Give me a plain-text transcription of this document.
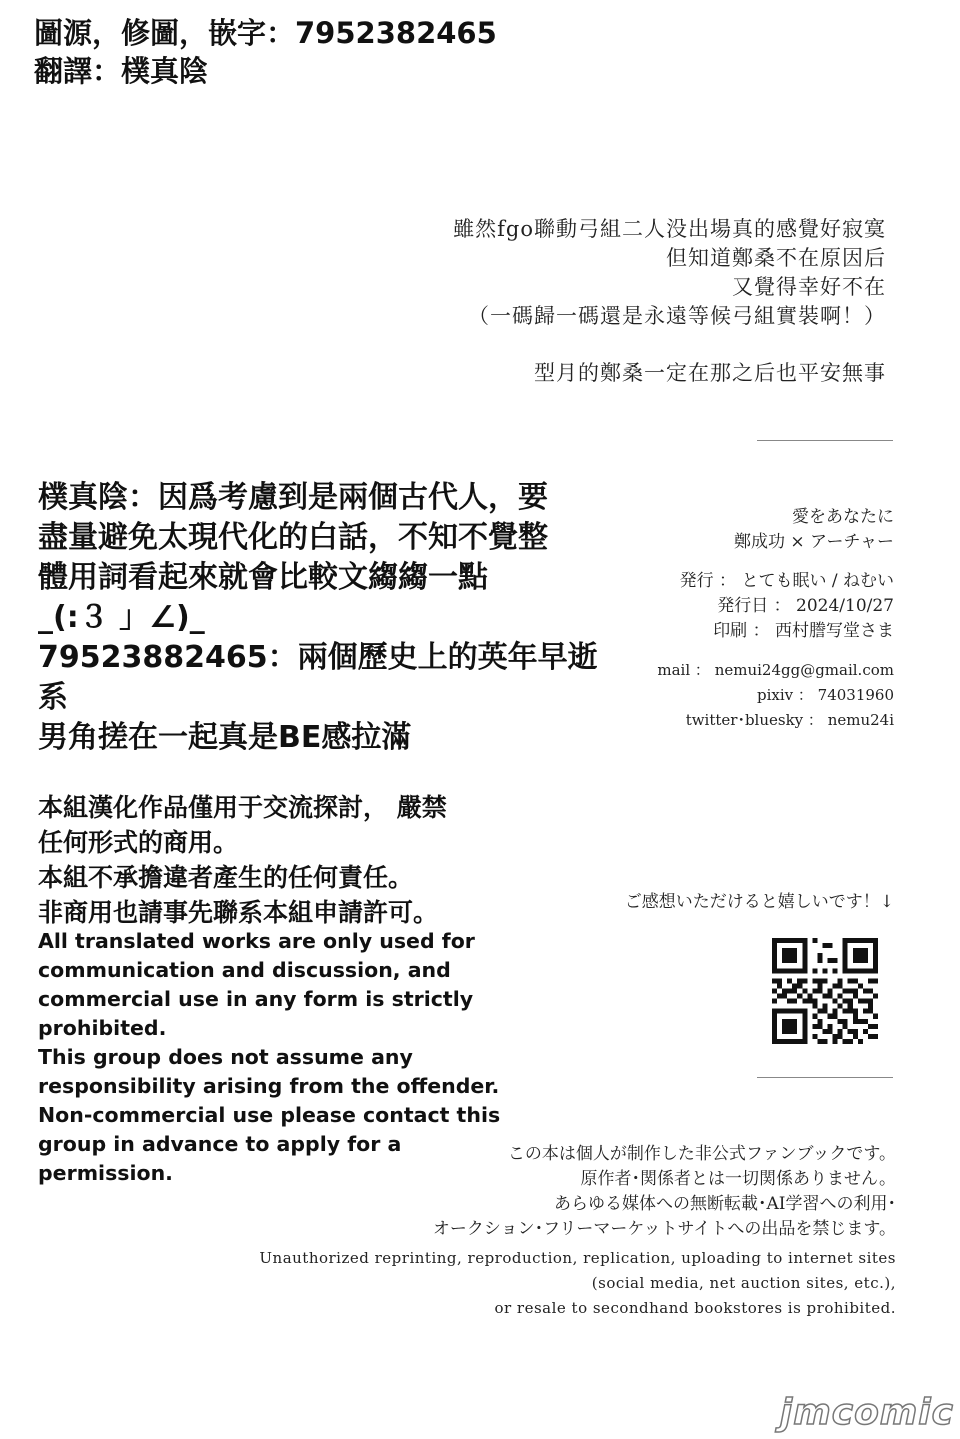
圖源，修圖，嵌字：7952382465
翻譯：樸真陰
雖然fgo聯動弓組二人没出場真的感覺好寂寞
但知道鄭桑不在原因后
又覺得幸好不在
（一碼歸一碼還是永遠等候弓組實裝啊！）
型月的鄭桑一定在那之后也平安無事
樸真陰：因爲考慮到是兩個古代人，要
盡量避免太現代化的白話，不知不覺整
體用詞看起來就會比較文縐縐一點
_(:３ 」∠)_
79523882465：兩個歷史上的英年早逝系
男角搓在一起真是BE感拉滿
愛をあなたに
鄭成功 × アーチャー
発行 ： とても眠い / ねむい
発行日 ： 2024/10/27
印刷 ： 西村謄写堂さま
mail ： nemui24gg@gmail.com
pixiv ： 74031960
twitter･bluesky ： nemu24i
本組漢化作品僅用于交流探討， 嚴禁
任何形式的商用。
本組不承擔違者產生的任何責任。
非商用也請事先聯系本組申請許可。
All translated works are only used for
communication and discussion, and
commercial use in any form is strictly
prohibited.
This group does not assume any
responsibility arising from the offender.
Non-commercial use please contact this
group in advance to apply for a
permission.
ご感想いただけると嬉しいです！↓
この本は個人が制作した非公式ファンブックです。
原作者･関係者とは一切関係ありません。
あらゆる媒体への無断転載･AI学習への利用･
オークション･フリーマーケットサイトへの出品を禁じます。
Unauthorized reprinting, reproduction, replication, uploading to internet sites
(social media, net auction sites, etc.),
or resale to secondhand bookstores is prohibited.
jmcomic
